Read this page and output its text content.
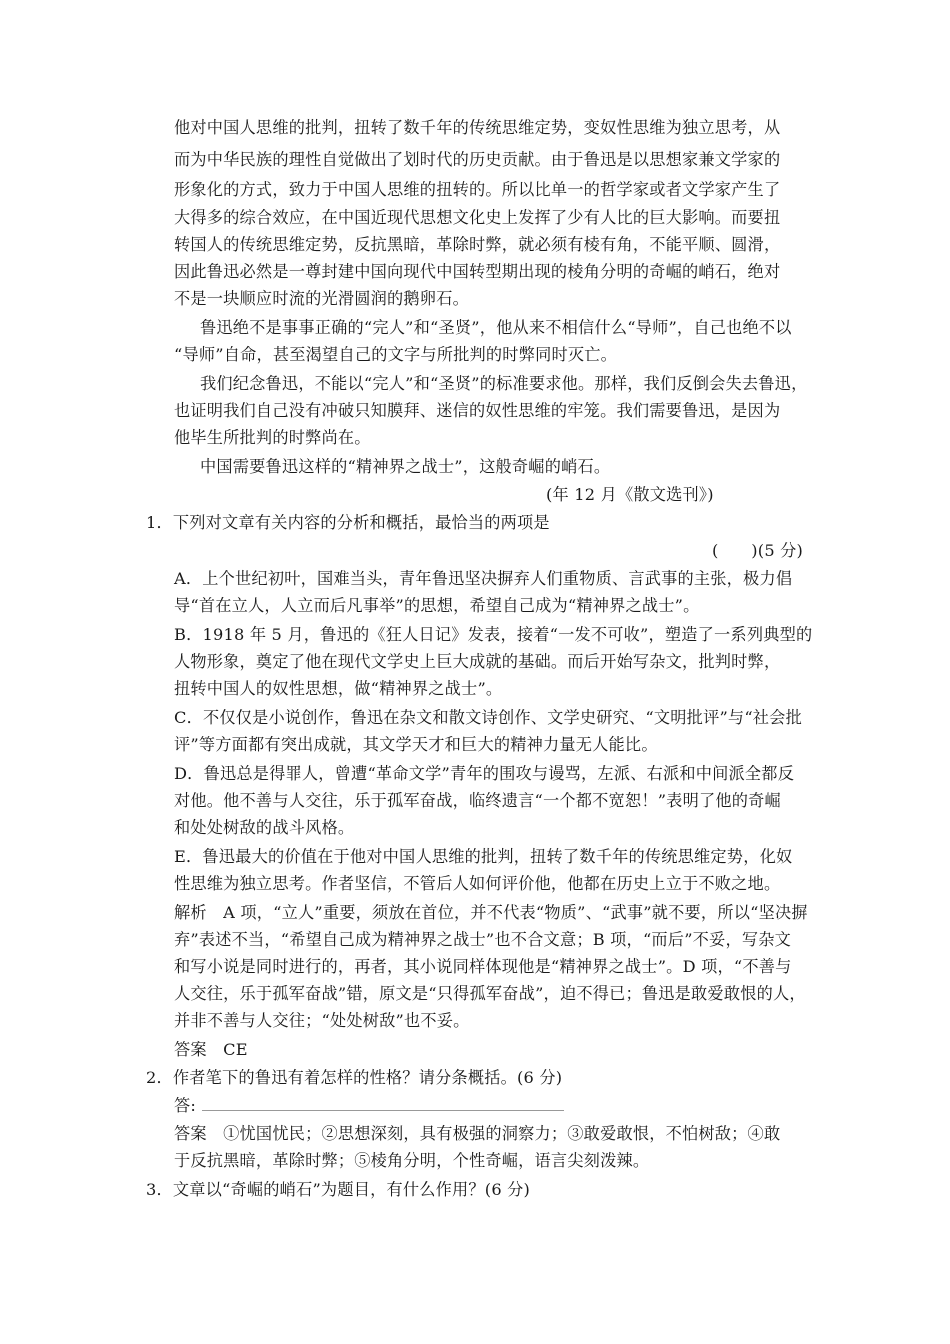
他对中国人思维的批判，扭转了数千年的传统思维定势，变奴性思维为独立思考，从
而为中华民族的理性自觉做出了划时代的历史贡献。由于鲁迅是以思想家兼文学家的
形象化的方式，致力于中国人思维的扭转的。所以比单一的哲学家或者文学家产生了
大得多的综合效应，在中国近现代思想文化史上发挥了少有人比的巨大影响。而要扭
转国人的传统思维定势，反抗黑暗，革除时弊，就必须有棱有角，不能平顺、圆滑，
因此鲁迅必然是一尊封建中国向现代中国转型期出现的棱角分明的奇崛的峭石，绝对
不是一块顺应时流的光滑圆润的鹅卵石。
鲁迅绝不是事事正确的“完人”和“圣贤”，他从来不相信什么“导师”，自己也绝不以
“导师”自命，甚至渴望自己的文字与所批判的时弊同时灭亡。
我们纪念鲁迅，不能以“完人”和“圣贤”的标准要求他。那样，我们反倒会失去鲁迅，
也证明我们自己没有冲破只知膜拜、迷信的奴性思维的牢笼。我们需要鲁迅，是因为
他毕生所批判的时弊尚在。
中国需要鲁迅这样的“精神界之战士”，这般奇崛的峭石。
(年 12 月《散文选刊》)
1．下列对文章有关内容的分析和概括，最恰当的两项是
(　　)(5 分)
A．上个世纪初叶，国难当头，青年鲁迅坚决摒弃人们重物质、言武事的主张，极力倡
导“首在立人，人立而后凡事举”的思想，希望自己成为“精神界之战士”。
B．1918 年 5 月，鲁迅的《狂人日记》发表，接着“一发不可收”，塑造了一系列典型的
人物形象，奠定了他在现代文学史上巨大成就的基础。而后开始写杂文，批判时弊，
扭转中国人的奴性思想，做“精神界之战士”。
C．不仅仅是小说创作，鲁迅在杂文和散文诗创作、文学史研究、“文明批评”与“社会批
评”等方面都有突出成就，其文学天才和巨大的精神力量无人能比。
D．鲁迅总是得罪人，曾遭“革命文学”青年的围攻与谩骂，左派、右派和中间派全都反
对他。他不善与人交往，乐于孤军奋战，临终遗言“一个都不宽恕！”表明了他的奇崛
和处处树敌的战斗风格。
E．鲁迅最大的价值在于他对中国人思维的批判，扭转了数千年的传统思维定势，化奴
性思维为独立思考。作者坚信，不管后人如何评价他，他都在历史上立于不败之地。
解析　A 项，“立人”重要，须放在首位，并不代表“物质”、“武事”就不要，所以“坚决摒
弃”表述不当，“希望自己成为精神界之战士”也不合文意；B 项，“而后”不妥，写杂文
和写小说是同时进行的，再者，其小说同样体现他是“精神界之战士”。D 项，“不善与
人交往，乐于孤军奋战”错，原文是“只得孤军奋战”，迫不得已；鲁迅是敢爱敢恨的人，
并非不善与人交往；“处处树敌”也不妥。
答案　CE
2．作者笔下的鲁迅有着怎样的性格？请分条概括。(6 分)
答:
答案　①忧国忧民；②思想深刻，具有极强的洞察力；③敢爱敢恨，不怕树敌；④敢
于反抗黑暗，革除时弊；⑤棱角分明，个性奇崛，语言尖刻泼辣。
3．文章以“奇崛的峭石”为题目，有什么作用？(6 分)
